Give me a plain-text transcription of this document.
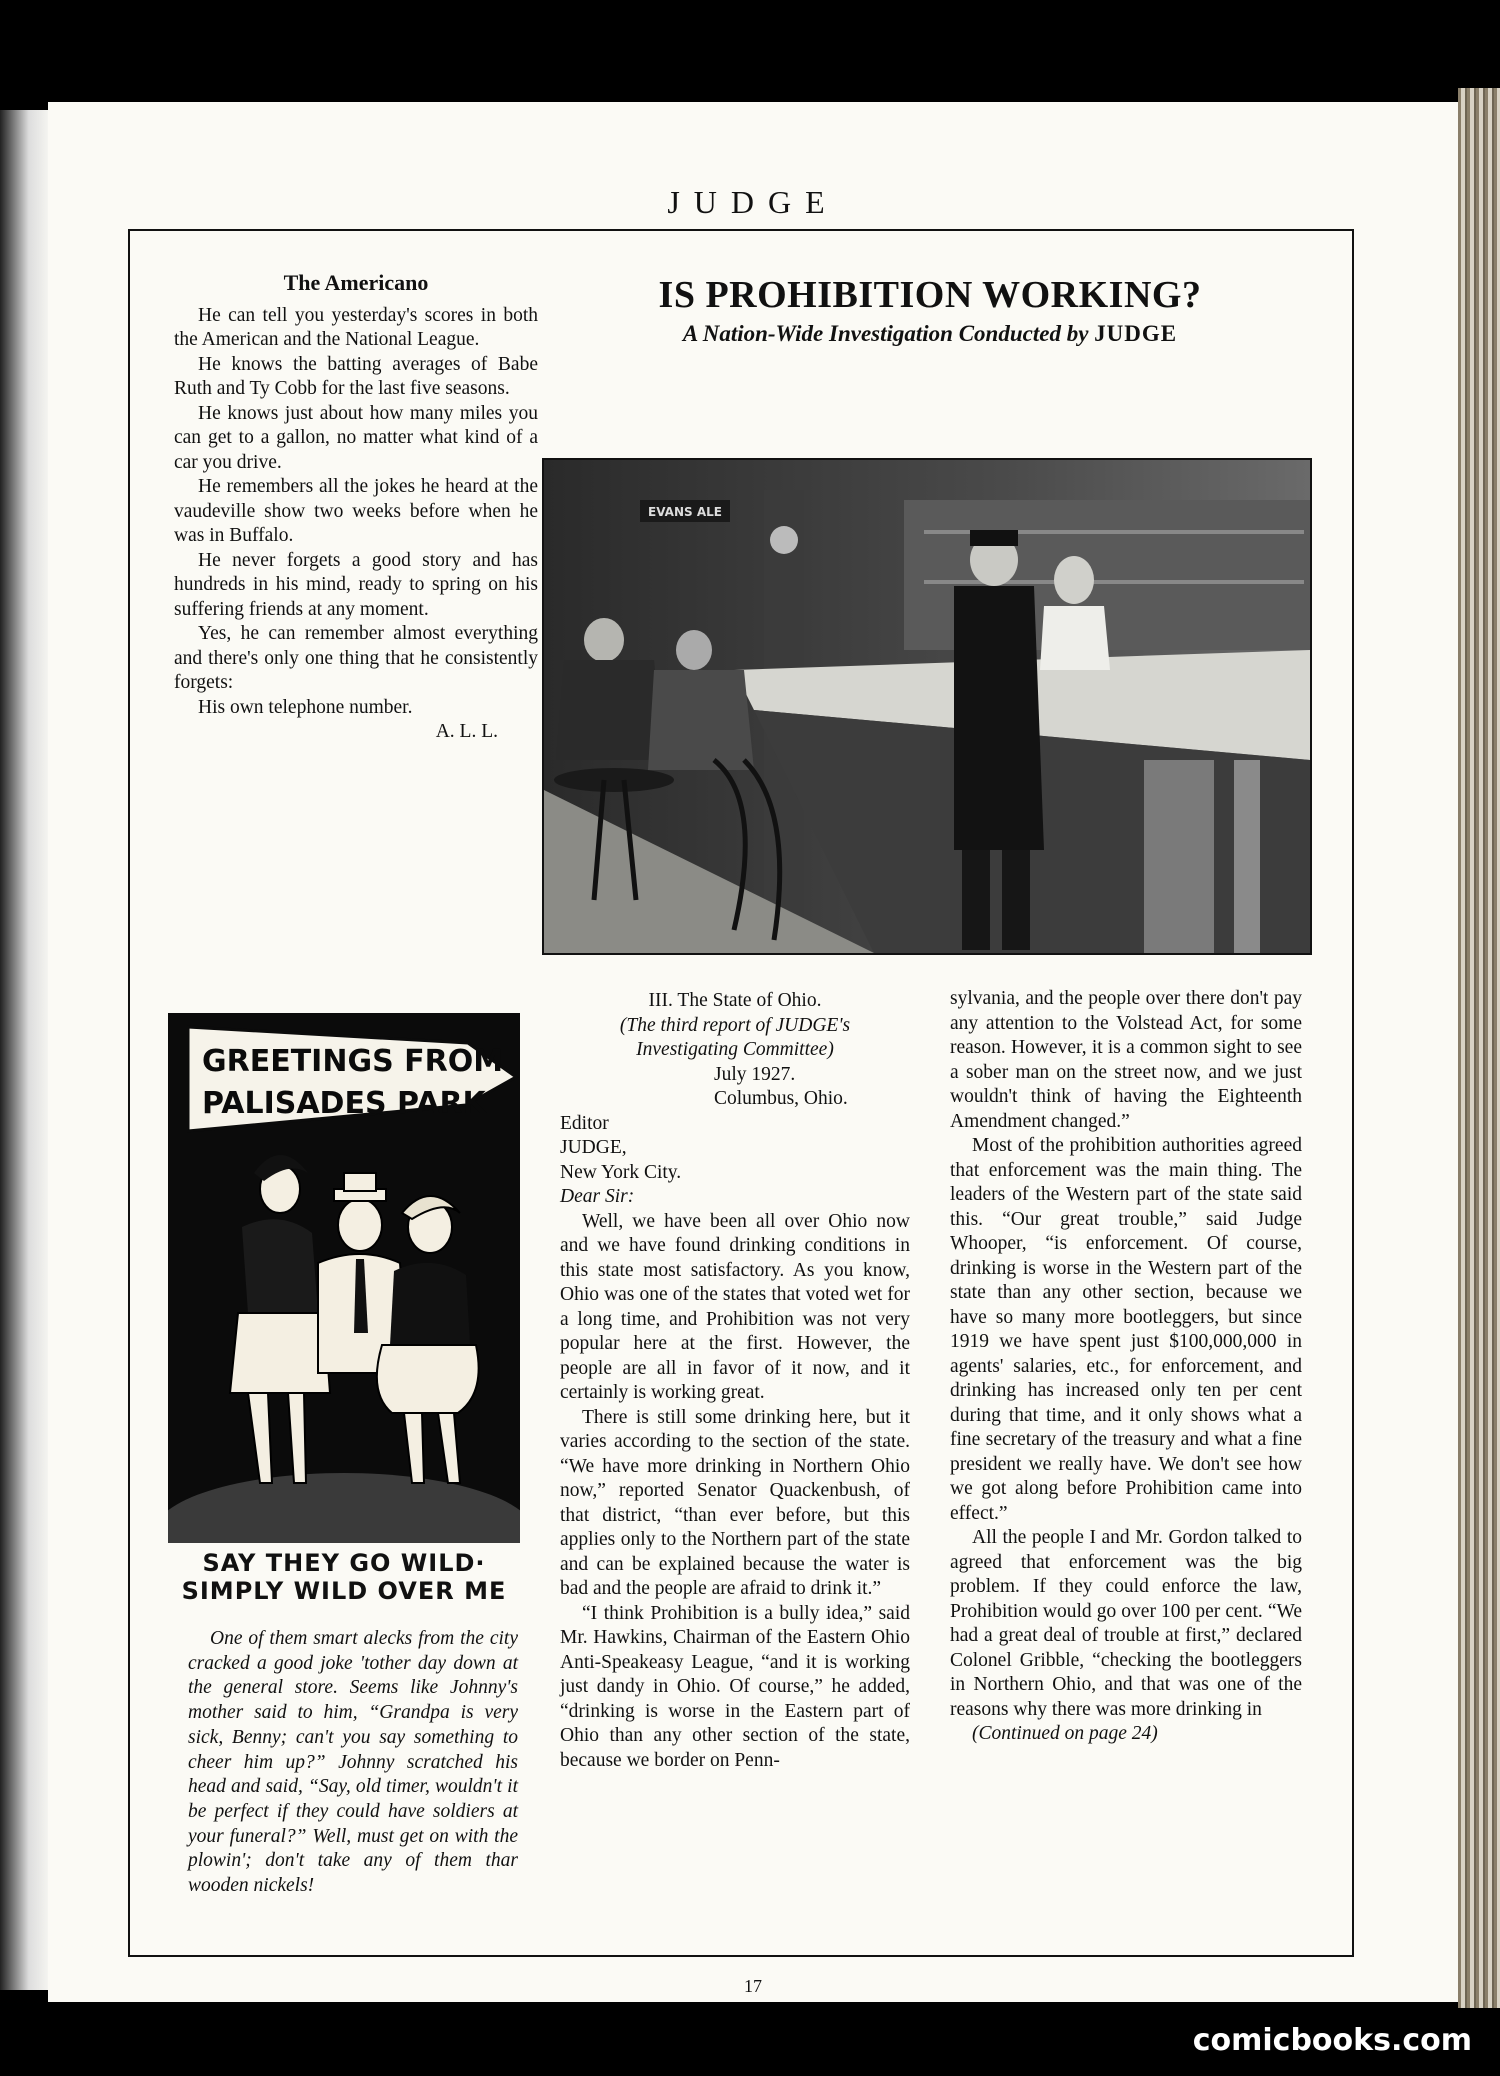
JUDGE
The Americano

He can tell you yesterday's scores in both the American and the National League.

He knows the batting averages of Babe Ruth and Ty Cobb for the last five seasons.

He knows just about how many miles you can get to a gallon, no matter what kind of a car you drive.

He remembers all the jokes he heard at the vaudeville show two weeks before when he was in Buffalo.

He never forgets a good story and has hundreds in his mind, ready to spring on his suffering friends at any moment.

Yes, he can remember almost everything and there's only one thing that he consistently forgets:

His own telephone number.

A. L. L.

GREETINGS FROM
PALISADES PARK
SAY THEY GO WILD·
SIMPLY WILD OVER ME

One of them smart alecks from the city cracked a good joke 'tother day down at the general store. Seems like Johnny's mother said to him, “Grandpa is very sick, Benny; can't you say something to cheer him up?” Johnny scratched his head and said, “Say, old timer, wouldn't it be perfect if they could have soldiers at your funeral?” Well, must get on with the plowin'; don't take any of them thar wooden nickels!

IS PROHIBITION WORKING?
A Nation-Wide Investigation Conducted by JUDGE
EVANS ALE

III. The State of Ohio.

(The third report of JUDGE's

Investigating Committee)

July 1927.

Columbus, Ohio.

Editor

JUDGE,

New York City.

Dear Sir:

Well, we have been all over Ohio now and we have found drinking conditions in this state most satisfactory. As you know, Ohio was one of the states that voted wet for a long time, and Prohibition was not very popular here at the first. However, the people are all in favor of it now, and it certainly is working great.

There is still some drinking here, but it varies according to the section of the state. “We have more drinking in Northern Ohio now,” reported Senator Quackenbush, of that district, “than ever before, but this applies only to the Northern part of the state and can be explained because the water is bad and the people are afraid to drink it.”

“I think Prohibition is a bully idea,” said Mr. Hawkins, Chairman of the Eastern Ohio Anti-Speakeasy League, “and it is working just dandy in Ohio. Of course,” he added, “drinking is worse in the Eastern part of Ohio than any other section of the state, because we border on Penn-

sylvania, and the people over there don't pay any attention to the Volstead Act, for some reason. However, it is a common sight to see a sober man on the street now, and we just wouldn't think of having the Eighteenth Amendment changed.”

Most of the prohibition authorities agreed that enforcement was the main thing. The leaders of the Western part of the state said this. “Our great trouble,” said Judge Whooper, “is enforcement. Of course, drinking is worse in the Western part of the state than any other section, because we have so many more bootleggers, but since 1919 we have spent just $100,000,000 in agents' salaries, etc., for enforcement, and drinking has increased only ten per cent during that time, and it only shows what a fine secretary of the treasury and what a fine president we really have. We don't see how we got along before Prohibition came into effect.”

All the people I and Mr. Gordon talked to agreed that enforcement was the big problem. If they could enforce the law, Prohibition would go over 100 per cent. “We had a great deal of trouble at first,” declared Colonel Gribble, “checking the bootleggers in Northern Ohio, and that was one of the reasons why there was more drinking in

(Continued on page 24)

17
comicbooks.com
